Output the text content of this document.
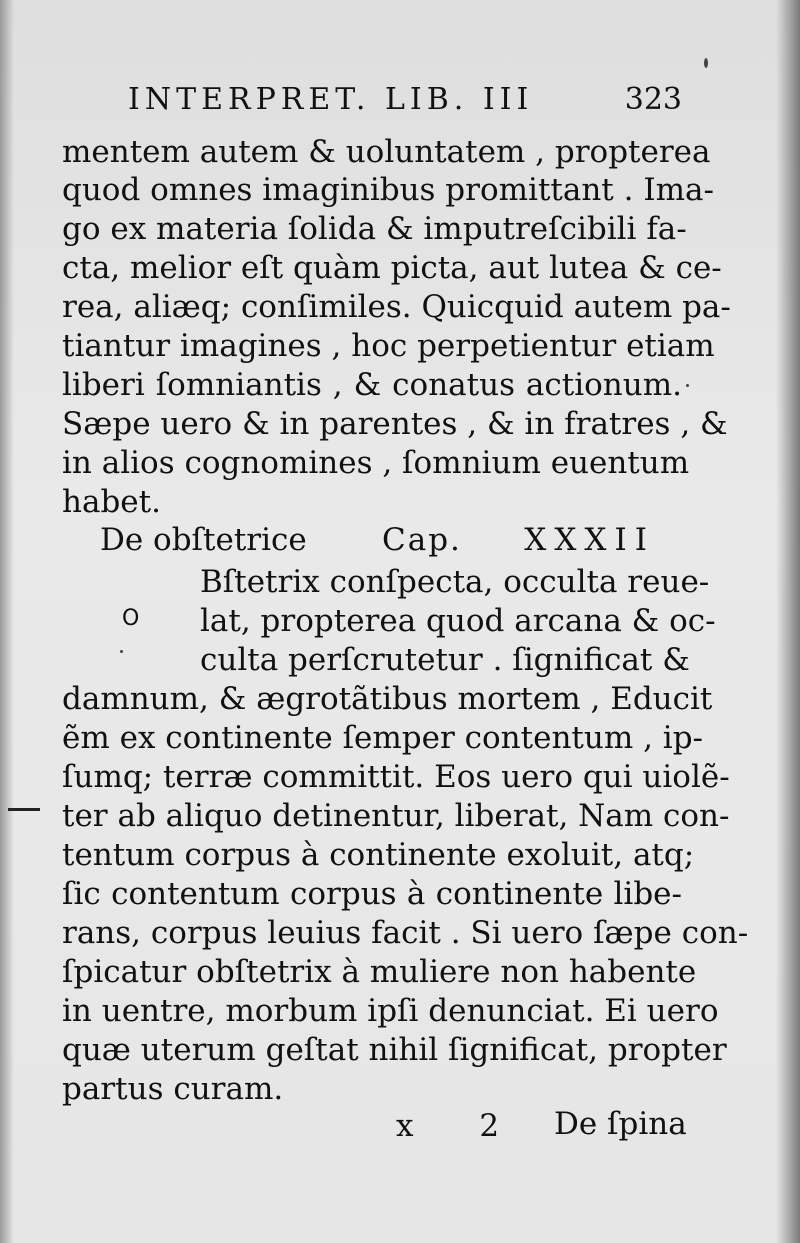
INTERPRET. LIB. III	323
mentem autem & uoluntatem , propterea
quod omnes imaginibus promittant . Ima-
go ex materia ſolida & imputreſcibili fa-
cta, melior eſt quàm picta, aut lutea & ce-
rea, aliæq; conſimiles. Quicquid autem pa-
tiantur imagines , hoc perpetientur etiam
liberi ſomniantis , & conatus actionum.
Sæpe uero & in parentes , & in fratres , &
in alios cognomines , ſomnium euentum
habet.
De obſtetrice Cap. XXXII
O
Bſtetrix conſpecta, occulta reue-
lat, propterea quod arcana & oc-
culta perſcrutetur . ſignificat &
damnum, & ægrotãtibus mortem , Educit
ẽm ex continente ſemper contentum , ip-
ſumq; terræ committit. Eos uero qui uiolẽ-
ter ab aliquo detinentur, liberat, Nam con-
tentum corpus à continente exoluit, atq;
ſic contentum corpus à continente libe-
rans, corpus leuius facit . Si uero ſæpe con-
ſpicatur obſtetrix à muliere non habente
in uentre, morbum ipſi denunciat. Ei uero
quæ uterum geſtat nihil ſignificat, propter
partus curam.
x 2 De ſpina
